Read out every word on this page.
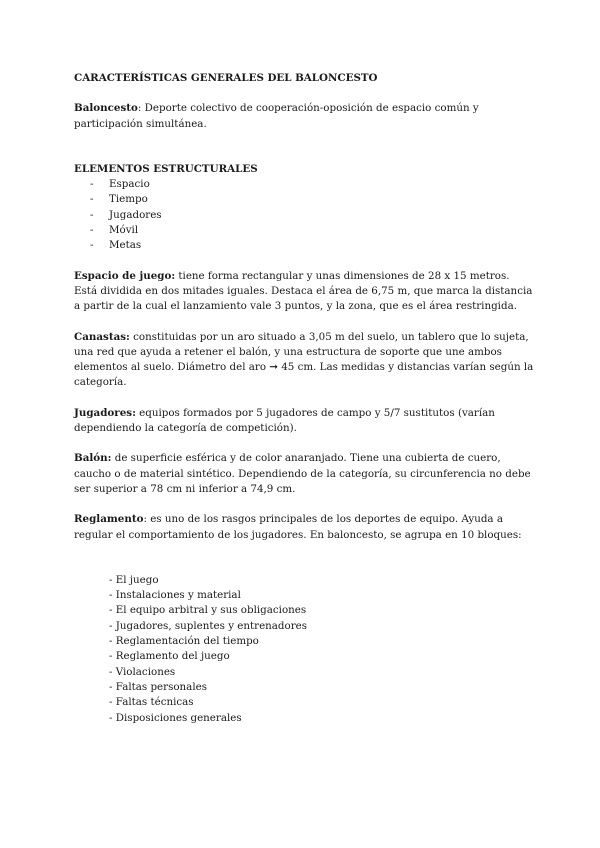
CARACTERÍSTICAS GENERALES DEL BALONCESTO

Baloncesto: Deporte colectivo de cooperación-oposición de espacio común y participación simultánea.

ELEMENTOS ESTRUCTURALES

- Espacio
- Tiempo
- Jugadores
- Móvil
- Metas

Espacio de juego: tiene forma rectangular y unas dimensiones de 28 x 15 metros. Está dividida en dos mitades iguales. Destaca el área de 6,75 m, que marca la distancia a partir de la cual el lanzamiento vale 3 puntos, y la zona, que es el área restringida.

Canastas: constituidas por un aro situado a 3,05 m del suelo, un tablero que lo sujeta, una red que ayuda a retener el balón, y una estructura de soporte que une ambos elementos al suelo. Diámetro del aro ➞ 45 cm. Las medidas y distancias varían según la categoría.

Jugadores: equipos formados por 5 jugadores de campo y 5/7 sustitutos (varían dependiendo la categoría de competición).

Balón: de superficie esférica y de color anaranjado. Tiene una cubierta de cuero, caucho o de material sintético. Dependiendo de la categoría, su circunferencia no debe ser superior a 78 cm ni inferior a 74,9 cm.

Reglamento: es uno de los rasgos principales de los deportes de equipo. Ayuda a regular el comportamiento de los jugadores. En baloncesto, se agrupa en 10 bloques:

- El juego
- Instalaciones y material
- El equipo arbitral y sus obligaciones
- Jugadores, suplentes y entrenadores
- Reglamentación del tiempo
- Reglamento del juego
- Violaciones
- Faltas personales
- Faltas técnicas
- Disposiciones generales
